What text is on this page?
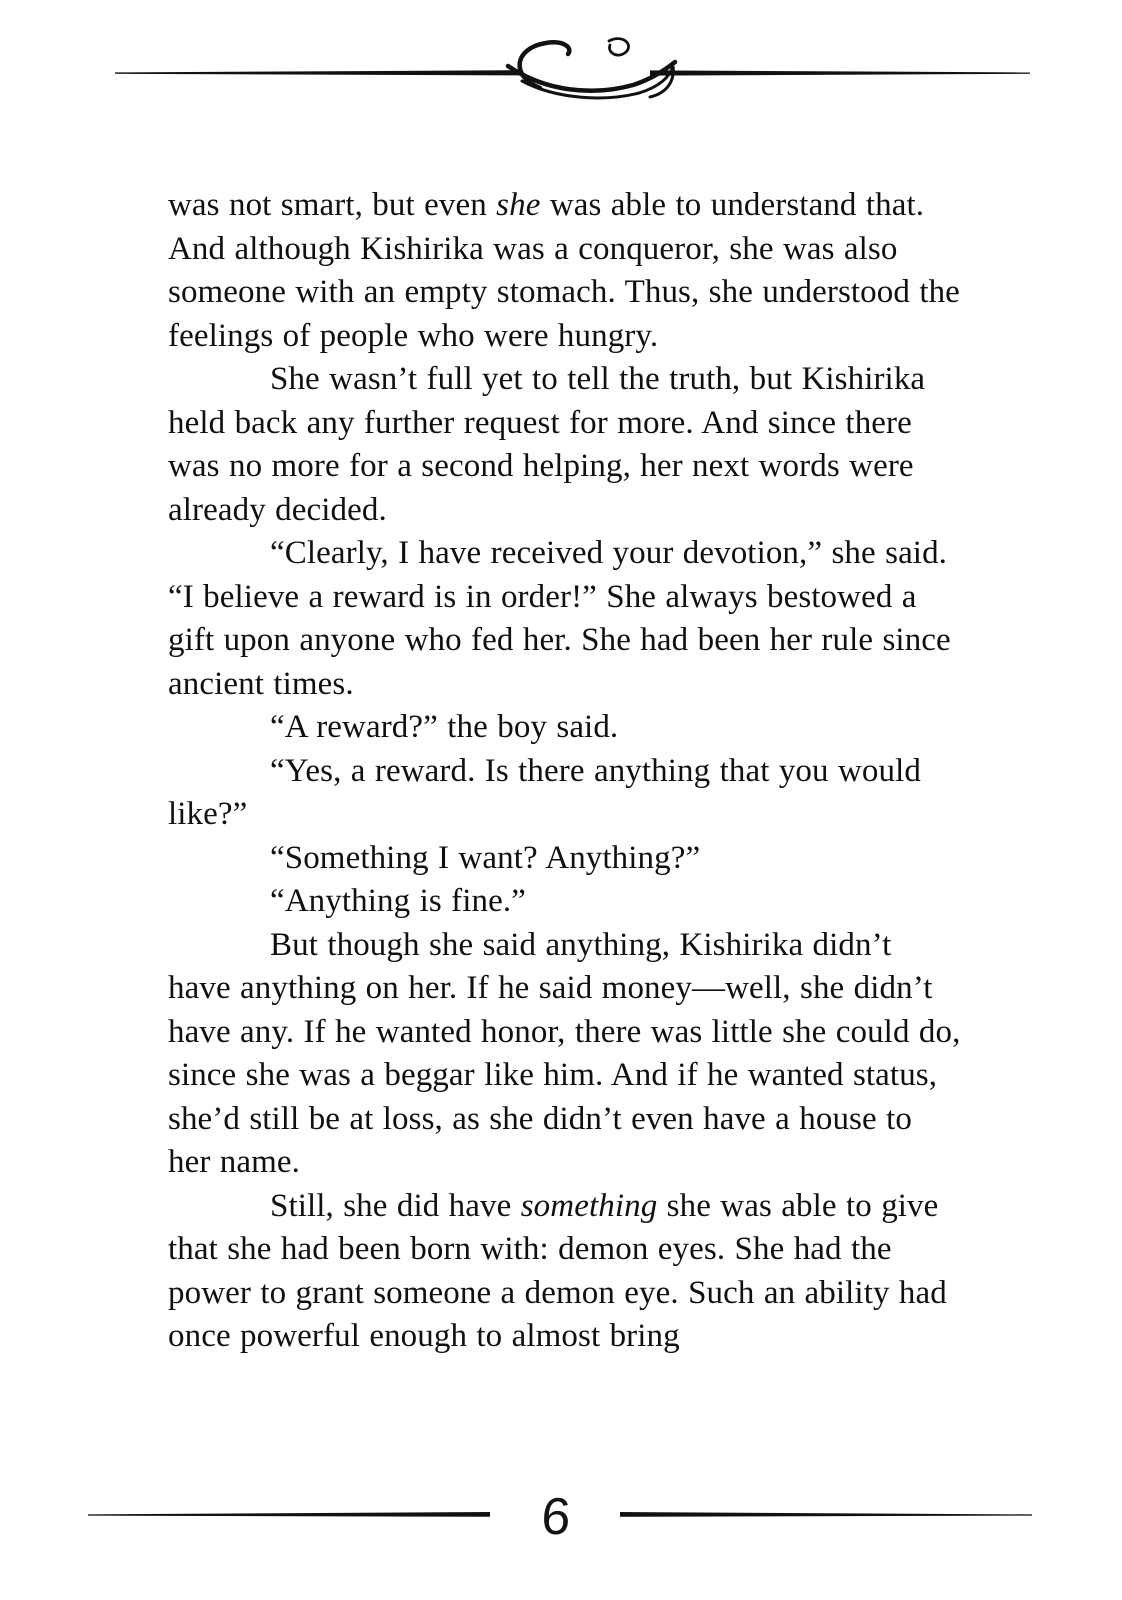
was not smart, but even she was able to understand that. And although Kishirika was a conqueror, she was also someone with an empty stomach. Thus, she understood the feelings of people who were hungry.

She wasn’t full yet to tell the truth, but Kishirika held back any further request for more. And since there was no more for a second helping, her next words were already decided.

“Clearly, I have received your devotion,” she said. “I believe a reward is in order!” She always bestowed a gift upon anyone who fed her. She had been her rule since ancient times.

“A reward?” the boy said.

“Yes, a reward. Is there anything that you would like?”

“Something I want? Anything?”

“Anything is fine.”

But though she said anything, Kishirika didn’t have anything on her. If he said money—well, she didn’t have any. If he wanted honor, there was little she could do, since she was a beggar like him. And if he wanted status, she’d still be at loss, as she didn’t even have a house to her name.

Still, she did have something she was able to give that she had been born with: demon eyes. She had the power to grant someone a demon eye. Such an ability had once powerful enough to almost bring

6
